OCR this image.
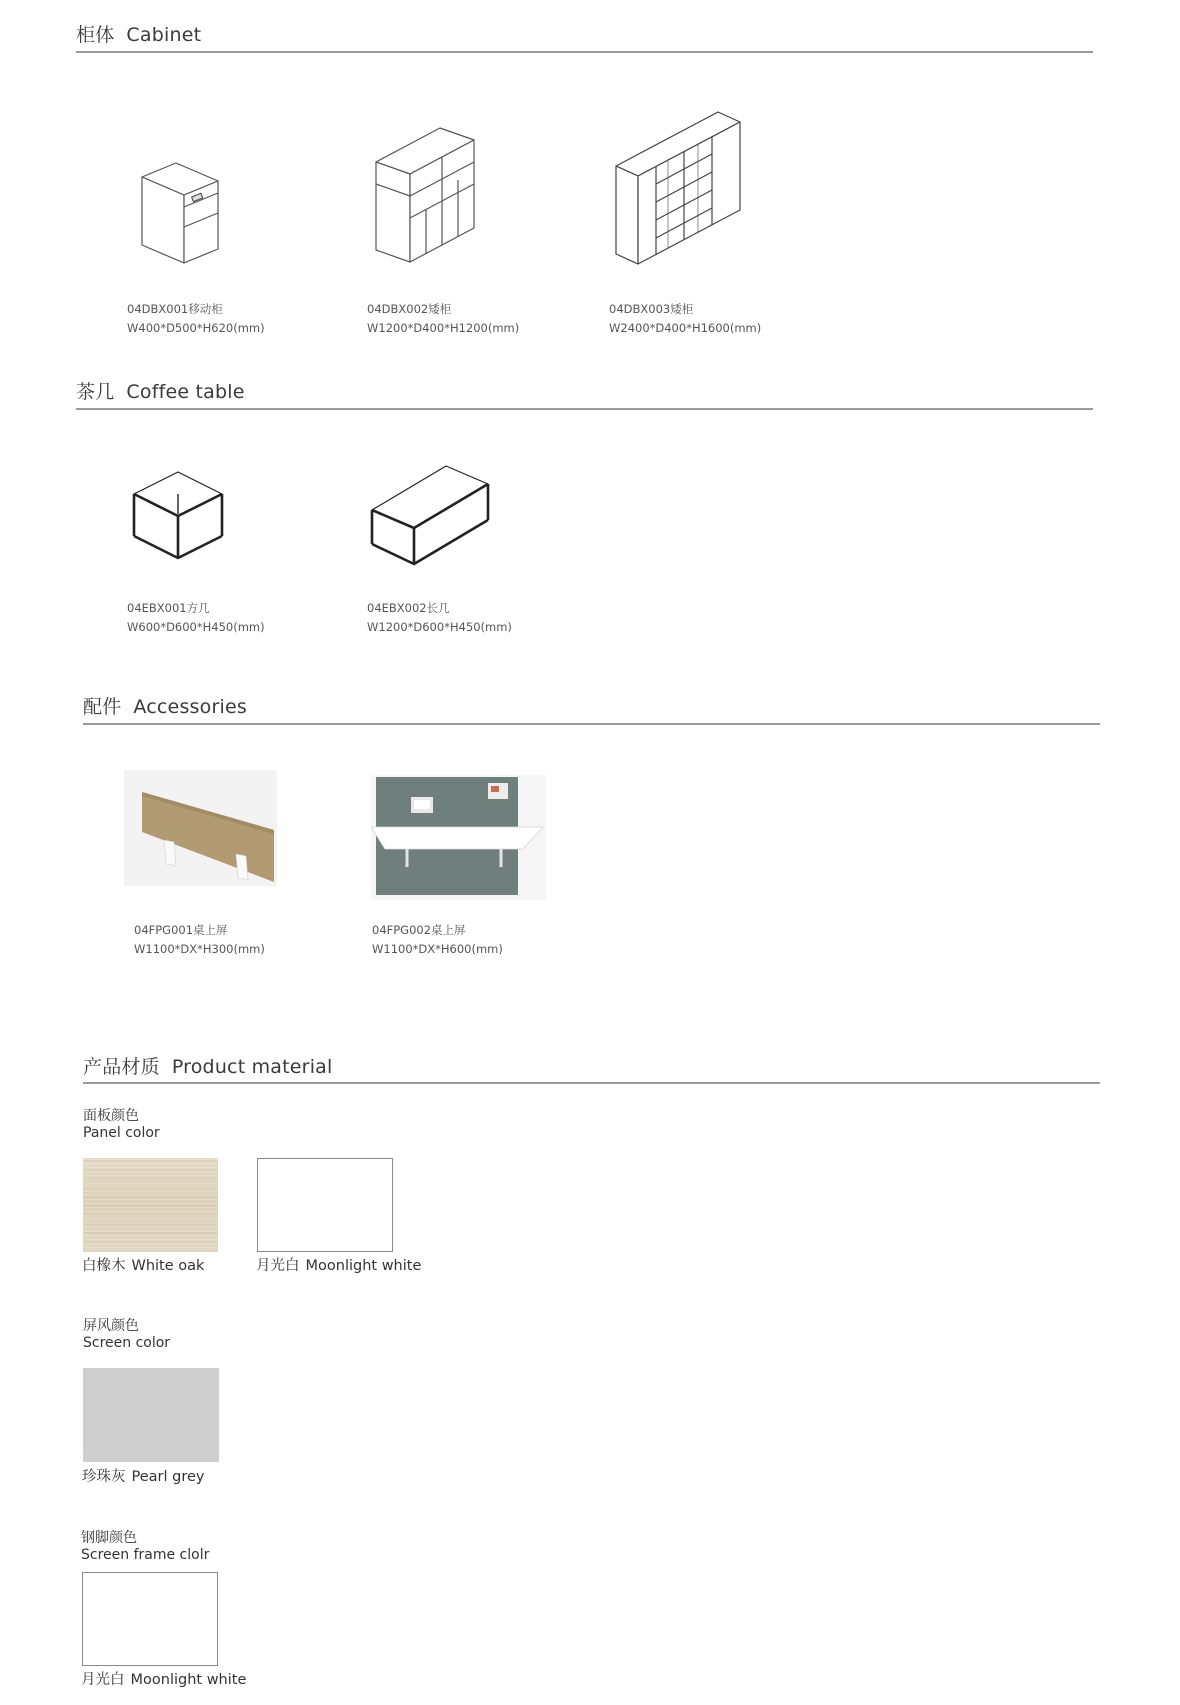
柜体 Cabinet
04DBX001移动柜
W400*D500*H620(mm)
04DBX002矮柜
W1200*D400*H1200(mm)
04DBX003矮柜
W2400*D400*H1600(mm)
茶几 Coffee table
04EBX001方几
W600*D600*H450(mm)
04EBX002长几
W1200*D600*H450(mm)
配件 Accessories
04FPG001桌上屏
W1100*DX*H300(mm)
04FPG002桌上屏
W1100*DX*H600(mm)
产品材质 Product material
面板颜色
Panel color
白橡木 White oak	月光白 Moonlight white
屏风颜色
Screen color
珍珠灰 Pearl grey
钢脚颜色
Screen frame clolr
月光白 Moonlight white
